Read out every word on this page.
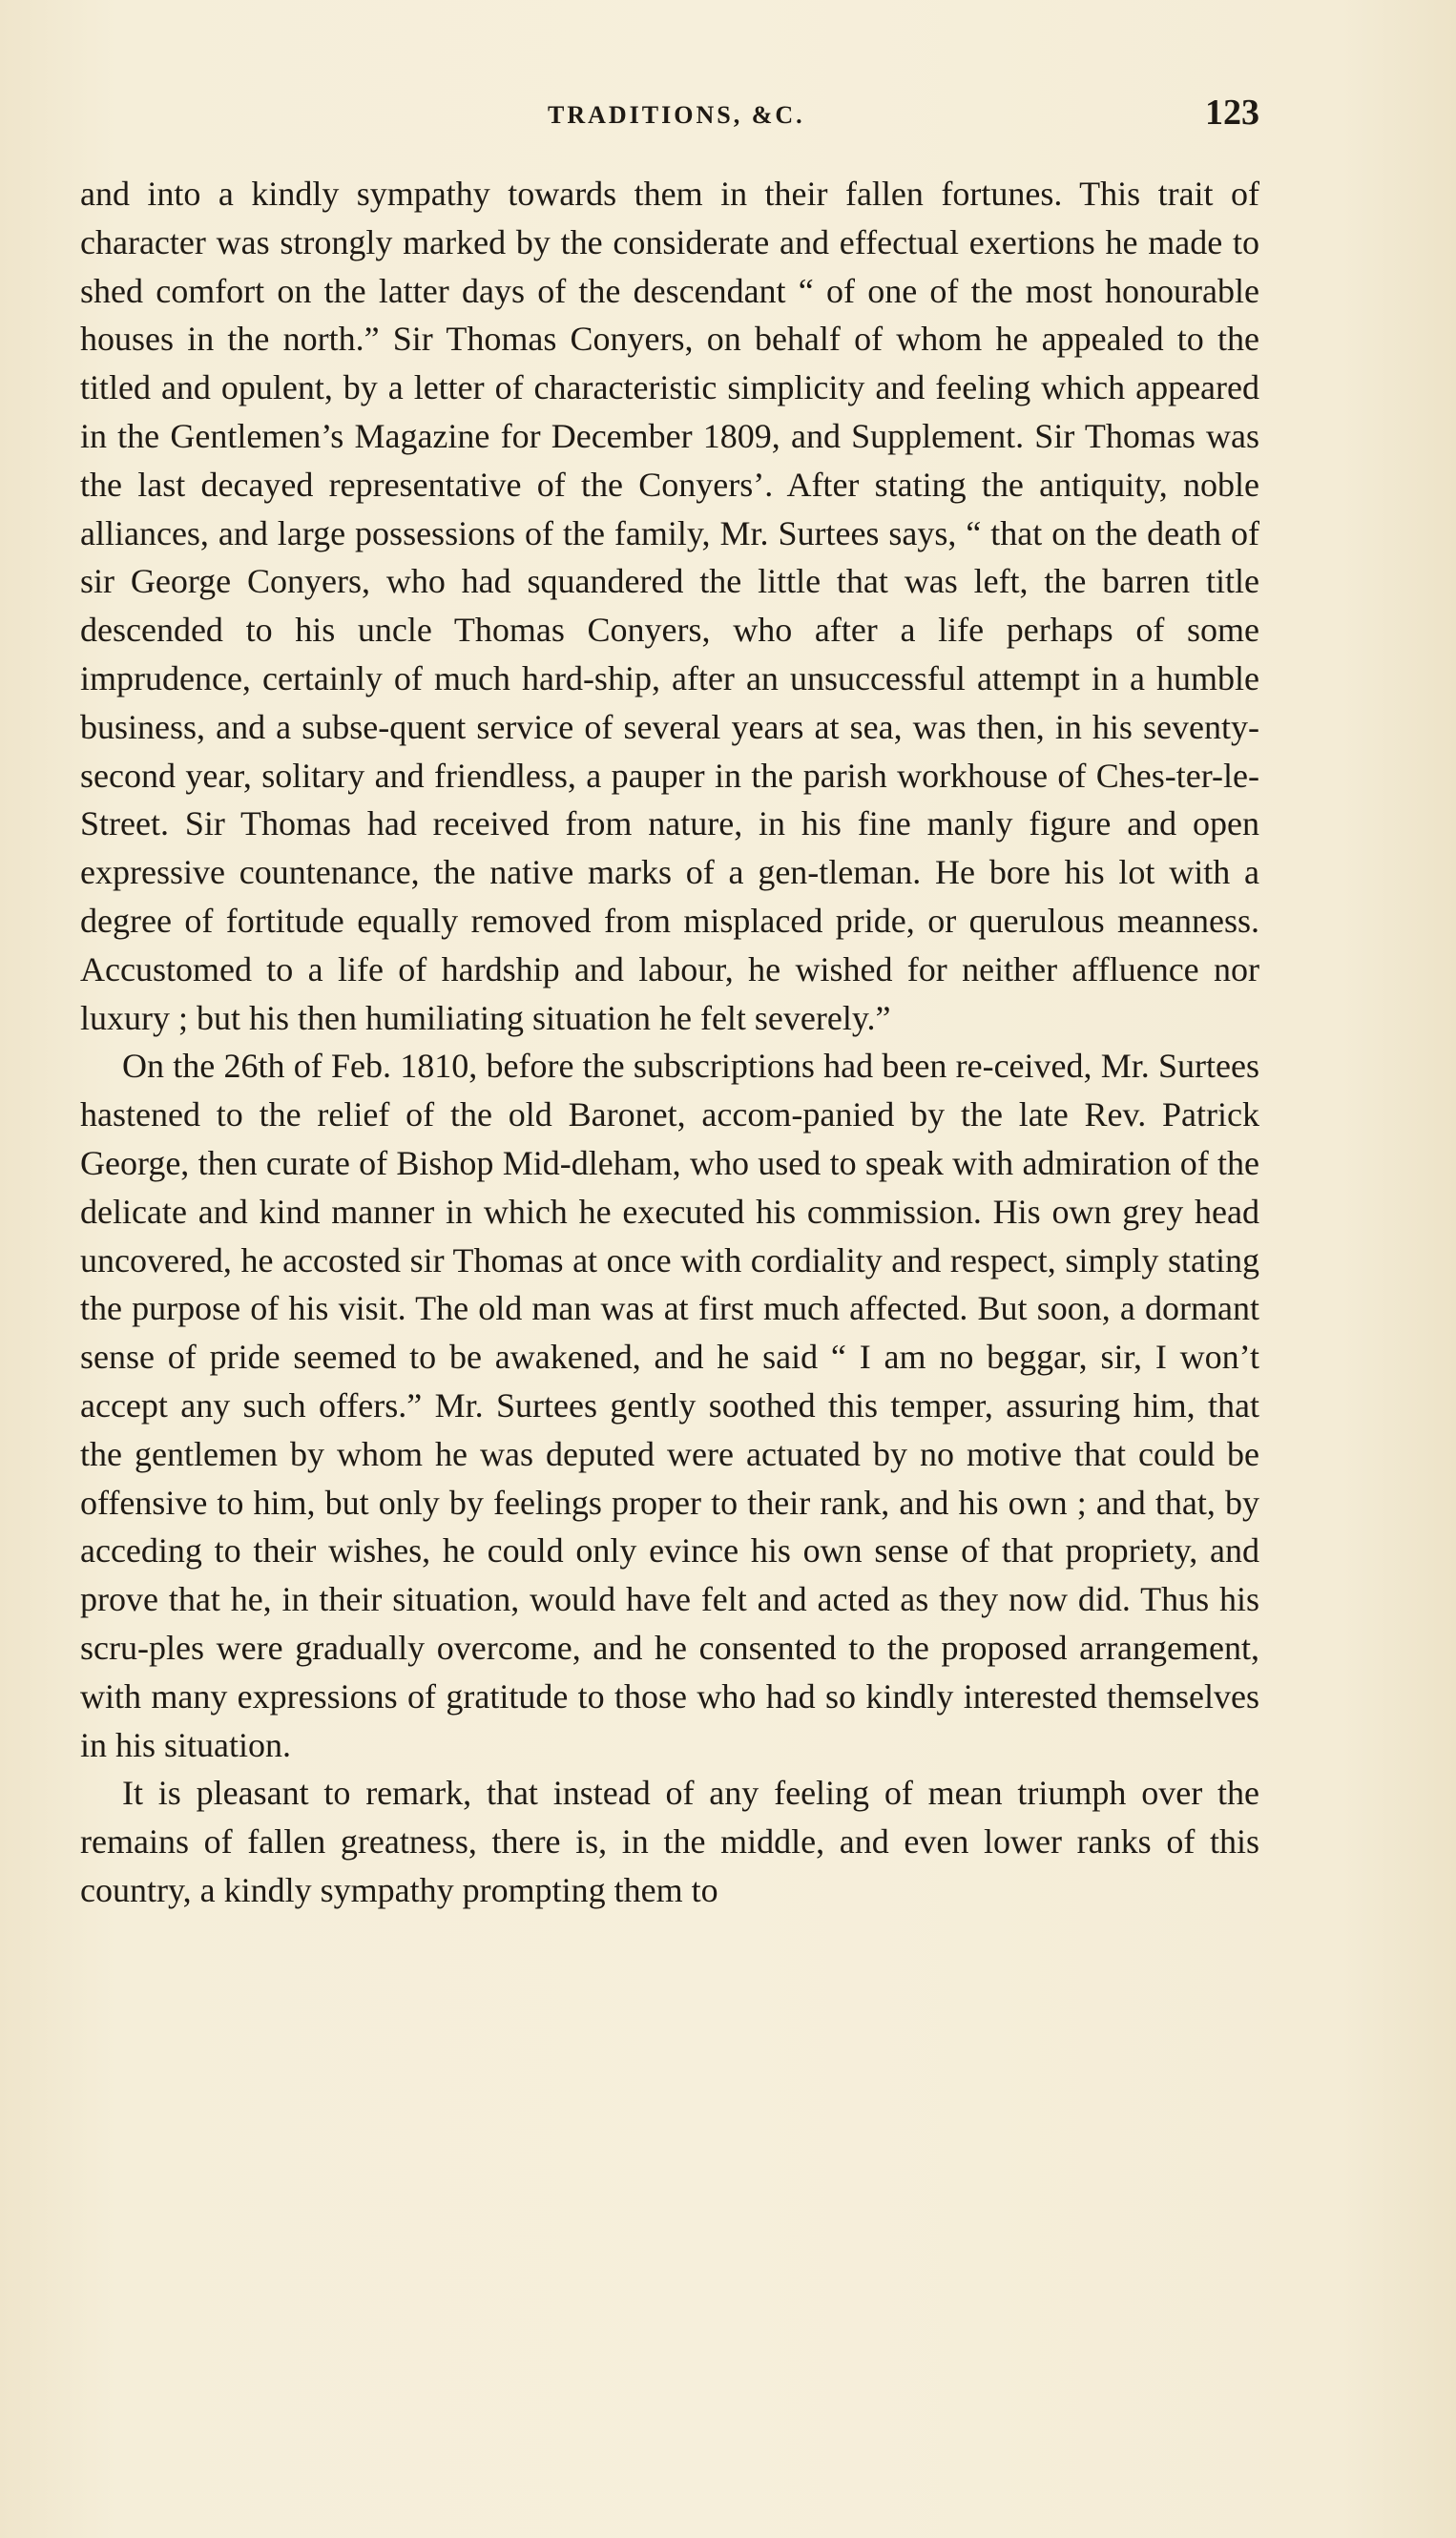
TRADITIONS, &C.	123

and into a kindly sympathy towards them in their fallen fortunes. This trait of character was strongly marked by the considerate and effectual exertions he made to shed comfort on the latter days of the descendant “ of one of the most honourable houses in the north.” Sir Thomas Conyers, on behalf of whom he appealed to the titled and opulent, by a letter of characteristic simplicity and feeling which appeared in the Gentlemen’s Magazine for December 1809, and Supplement. Sir Thomas was the last decayed representative of the Conyers’. After stating the antiquity, noble alliances, and large possessions of the family, Mr. Surtees says, “ that on the death of sir George Conyers, who had squandered the little that was left, the barren title descended to his uncle Thomas Conyers, who after a life perhaps of some imprudence, certainly of much hard-ship, after an unsuccessful attempt in a humble business, and a subse-quent service of several years at sea, was then, in his seventy-second year, solitary and friendless, a pauper in the parish workhouse of Ches-ter-le-Street. Sir Thomas had received from nature, in his fine manly figure and open expressive countenance, the native marks of a gen-tleman. He bore his lot with a degree of fortitude equally removed from misplaced pride, or querulous meanness. Accustomed to a life of hardship and labour, he wished for neither affluence nor luxury ; but his then humiliating situation he felt severely.”

On the 26th of Feb. 1810, before the subscriptions had been re-ceived, Mr. Surtees hastened to the relief of the old Baronet, accom-panied by the late Rev. Patrick George, then curate of Bishop Mid-dleham, who used to speak with admiration of the delicate and kind manner in which he executed his commission. His own grey head uncovered, he accosted sir Thomas at once with cordiality and respect, simply stating the purpose of his visit. The old man was at first much affected. But soon, a dormant sense of pride seemed to be awakened, and he said “ I am no beggar, sir, I won’t accept any such offers.” Mr. Surtees gently soothed this temper, assuring him, that the gentlemen by whom he was deputed were actuated by no motive that could be offensive to him, but only by feelings proper to their rank, and his own ; and that, by acceding to their wishes, he could only evince his own sense of that propriety, and prove that he, in their situation, would have felt and acted as they now did. Thus his scru-ples were gradually overcome, and he consented to the proposed arrangement, with many expressions of gratitude to those who had so kindly interested themselves in his situation.

It is pleasant to remark, that instead of any feeling of mean triumph over the remains of fallen greatness, there is, in the middle, and even lower ranks of this country, a kindly sympathy prompting them to
